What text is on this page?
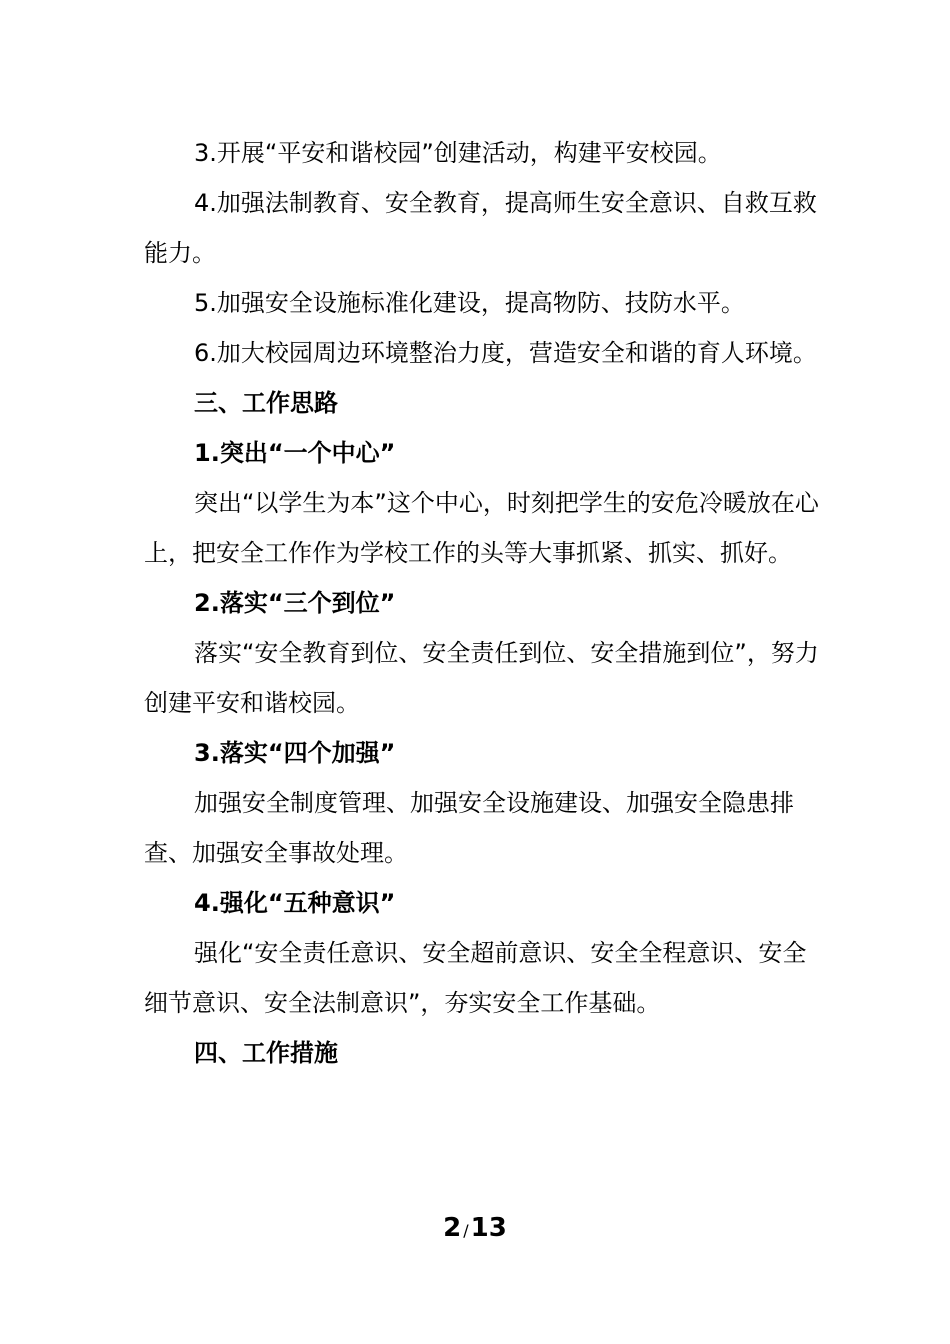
3.开展“平安和谐校园”创建活动，构建平安校园。

4.加强法制教育、安全教育，提高师生安全意识、自救互救能力。

5.加强安全设施标准化建设，提高物防、技防水平。

6.加大校园周边环境整治力度，营造安全和谐的育人环境。

三、工作思路

1.突出“一个中心”

突出“以学生为本”这个中心，时刻把学生的安危冷暖放在心上，把安全工作作为学校工作的头等大事抓紧、抓实、抓好。

2.落实“三个到位”

落实“安全教育到位、安全责任到位、安全措施到位”，努力创建平安和谐校园。

3.落实“四个加强”

加强安全制度管理、加强安全设施建设、加强安全隐患排查、加强安全事故处理。

4.强化“五种意识”

强化“安全责任意识、安全超前意识、安全全程意识、安全细节意识、安全法制意识”，夯实安全工作基础。

四、工作措施

2 /13
